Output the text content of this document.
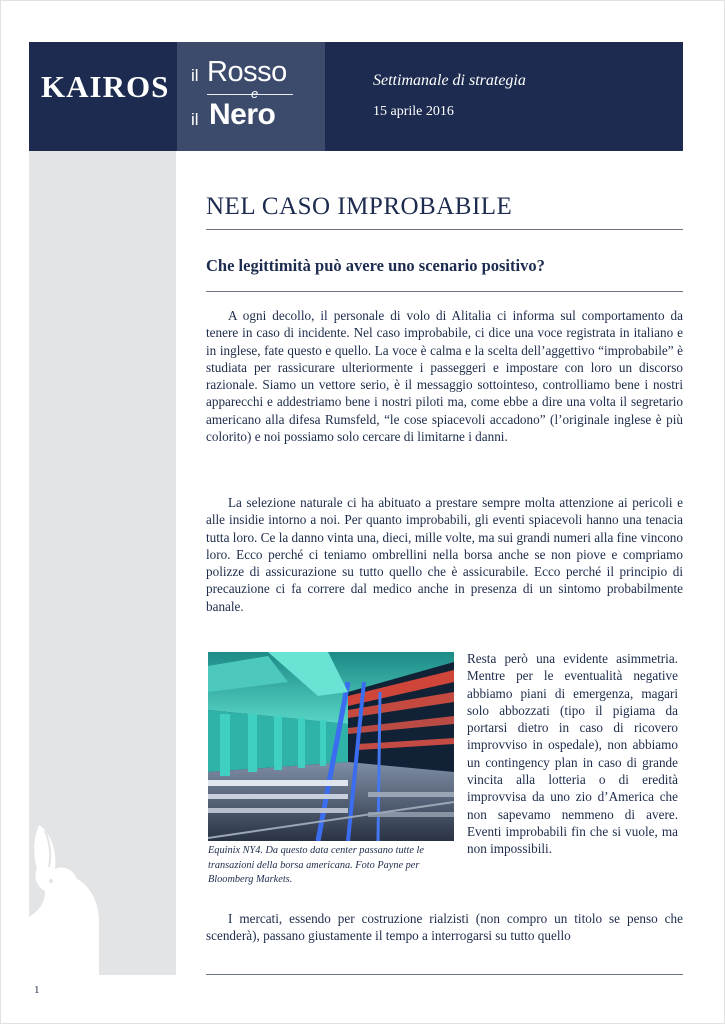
KAIROS il Rosso
e
il Nero
Settimanale di strategia
15 aprile 2016
NEL CASO IMPROBABILE
Che legittimità può avere uno scenario positivo?

A ogni decollo, il personale di volo di Alitalia ci informa sul comportamento da tenere in caso di incidente. Nel caso improbabile, ci dice una voce registrata in italiano e in inglese, fate questo e quello. La voce è calma e la scelta dell’aggettivo “improbabile” è studiata per rassicurare ulteriormente i passeggeri e impostare con loro un discorso razionale. Siamo un vettore serio, è il messaggio sottointeso, controlliamo bene i nostri apparecchi e addestriamo bene i nostri piloti ma, come ebbe a dire una volta il segretario americano alla difesa Rumsfeld, “le cose spiacevoli accadono” (l’originale inglese è più colorito) e noi possiamo solo cercare di limitarne i danni.

La selezione naturale ci ha abituato a prestare sempre molta attenzione ai pericoli e alle insidie intorno a noi. Per quanto improbabili, gli eventi spiacevoli hanno una tenacia tutta loro. Ce la danno vinta una, dieci, mille volte, ma sui grandi numeri alla fine vincono loro. Ecco perché ci teniamo ombrellini nella borsa anche se non piove e compriamo polizze di assicurazione su tutto quello che è assicurabile. Ecco perché il principio di precauzione ci fa correre dal medico anche in presenza di un sintomo probabilmente banale.

Equinix NY4. Da questo data center passano tutte le transazioni della borsa americana. Foto Payne per Bloomberg Markets.

Resta però una evidente asimmetria. Mentre per le eventualità negative abbiamo piani di emergenza, magari solo abbozzati (tipo il pigiama da portarsi dietro in caso di ricovero improvviso in ospedale), non abbiamo un contingency plan in caso di grande vincita alla lotteria o di eredità improvvisa da uno zio d’America che non sapevamo nemmeno di avere. Eventi improbabili fin che si vuole, ma non impossibili.

I mercati, essendo per costruzione rialzisti (non compro un titolo se penso che scenderà), passano giustamente il tempo a interrogarsi su tutto quello

1
